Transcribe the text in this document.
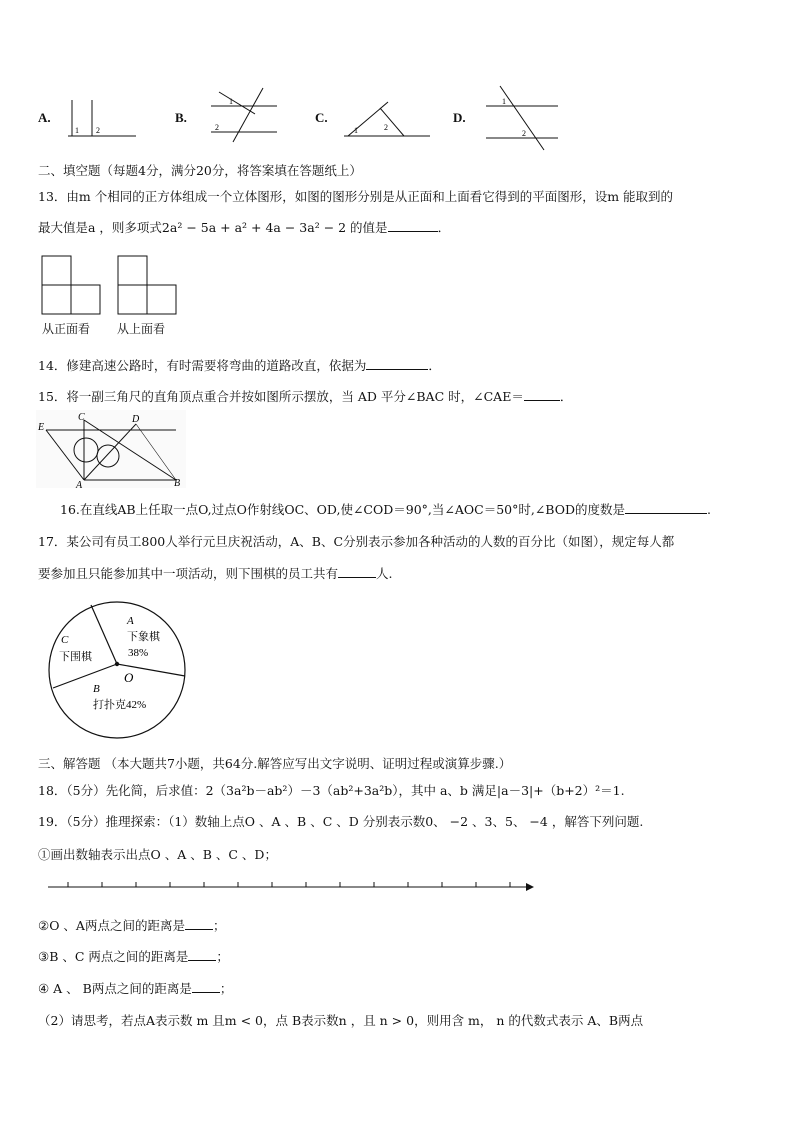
A.
1 2
B.
1
2
C.
1	2
D.
1
2
二、填空题（每题4分，满分20分，将答案填在答题纸上）
13．由m 个相同的正方体组成一个立体图形，如图的图形分别是从正面和上面看它得到的平面图形，设m 能取到的
最大值是a ，则多项式2a² − 5a + a² + 4a − 3a² − 2 的值是	．
从正面看 从上面看
14．修建高速公路时，有时需要将弯曲的道路改直，依据为	．
15．将一副三角尺的直角顶点重合并按如图所示摆放，当 AD 平分∠BAC 时，∠CAE＝	．
C	D
E
A	B
16.在直线AB上任取一点O,过点O作射线OC、OD,使∠COD＝90°,当∠AOC＝50°时,∠BOD的度数是	.
17．某公司有员工800人举行元旦庆祝活动，A、B、C分别表示参加各种活动的人数的百分比（如图），规定每人都
要参加且只能参加其中一项活动，则下围棋的员工共有	人.
O
A
下象棋
38%
C
下围棋
B
打扑克42%
三、解答题 （本大题共7小题，共64分.解答应写出文字说明、证明过程或演算步骤.）
18．（5分）先化简，后求值：2（3a²b－ab²）－3（ab²+3a²b），其中 a、b 满足|a－3|+（b+2）²＝1.
19．（5分）推理探索：（1）数轴上点O 、A 、B 、C 、D 分别表示数0、 −2 、3、5、 −4 ，解答下列问题.
①画出数轴表示出点O 、A 、B 、C 、D；
②O 、A两点之间的距离是 ；
③B 、C 两点之间的距离是 ；
④ A 、 B两点之间的距离是 ；
（2）请思考，若点A表示数 m 且m < 0，点 B表示数n ，且 n > 0，则用含 m， n 的代数式表示 A、B两点
